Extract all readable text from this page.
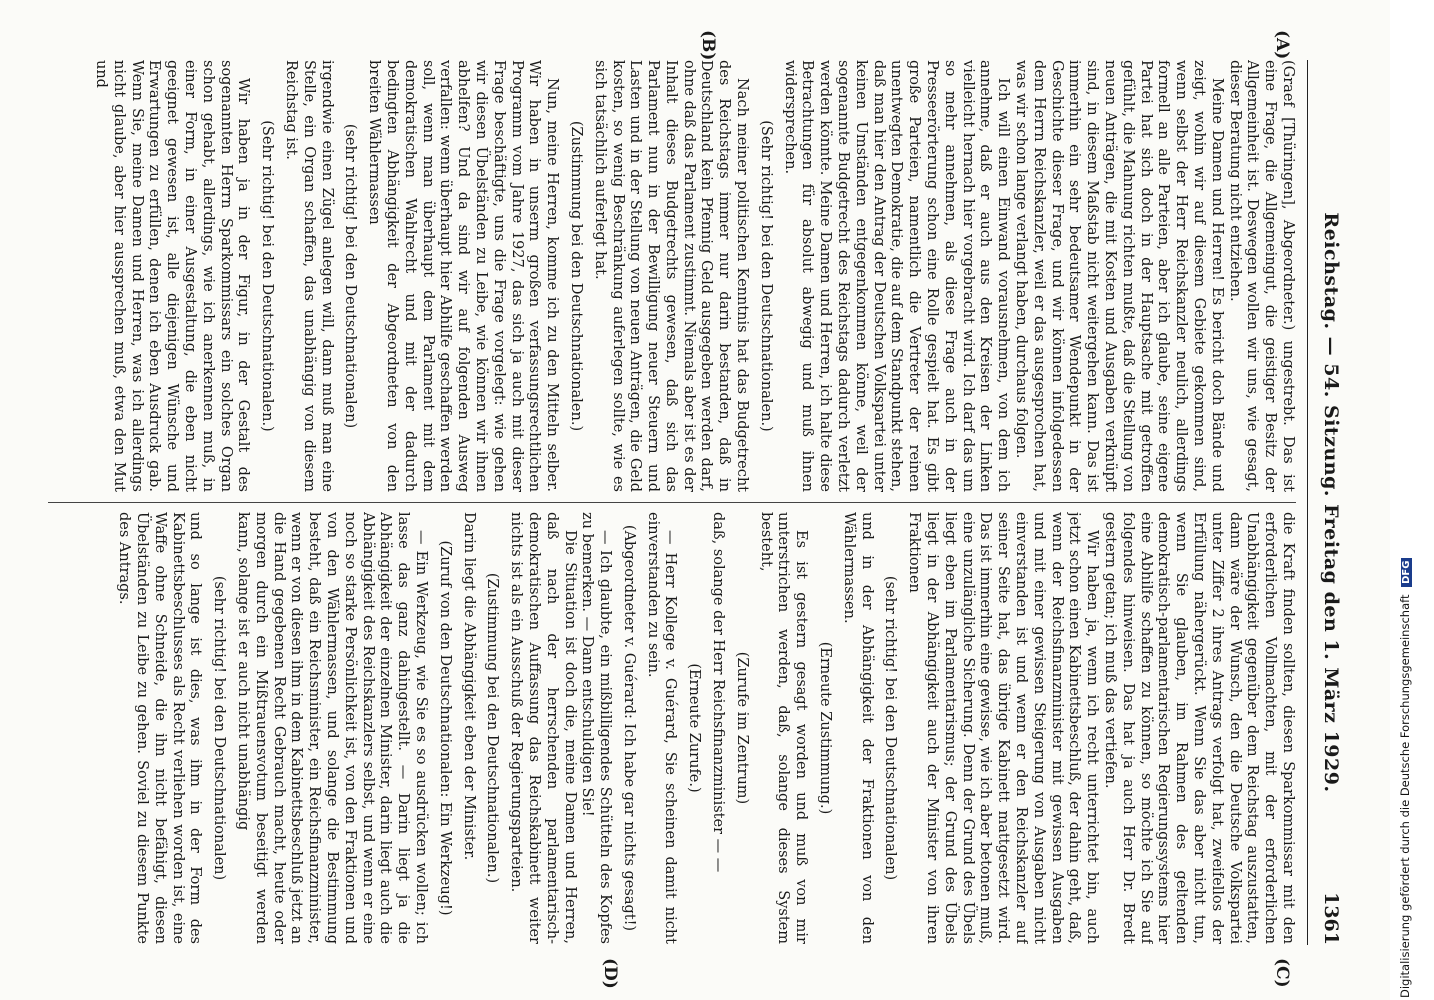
Reichstag. — 54. Sitzung. Freitag den 1. März 1929.
1361
(A)
(B)
(C)
(D)

(Graef [Thüringen], Abgeordneter.) ungestrebt. Das ist eine Frage, die Allgemeingut, die geistiger Besitz der Allgemeinheit ist. Deswegen wollen wir uns, wie gesagt, dieser Beratung nicht entziehen.

Meine Damen und Herren! Es bericht doch Bände und zeigt, wohin wir auf diesem Gebiete gekommen sind, wenn selbst der Herr Reichskanzler neulich, allerdings formell an alle Parteien, aber ich glaube, seine eigene Partei hat sich doch in der Hauptsache mit getroffen gefühlt, die Mahnung richten mußte, daß die Stellung von neuen Anträgen, die mit Kosten und Ausgaben verknüpft sind, in diesem Maßstab nicht weitergehen kann. Das ist immerhin ein sehr bedeutsamer Wendepunkt in der Geschichte dieser Frage, und wir können infolgedessen dem Herrn Reichskanzler, weil er das ausgesprochen hat, was wir schon lange verlangt haben, durchaus folgen.

Ich will einen Einwand vorausnehmen, von dem ich annehme, daß er auch aus den Kreisen der Linken vielleicht hernach hier vorgebracht wird. Ich darf das um so mehr annehmen, als diese Frage auch in der Presseerörterung schon eine Rolle gespielt hat. Es gibt große Parteien, namentlich die Vertreter der reinen unentwegten Demokratie, die auf dem Standpunkt stehen, daß man hier den Antrag der Deutschen Volkspartei unter keinen Umständen entgegenkommen könne, weil der sogenannte Budgetrecht des Reichstags dadurch verletzt werden könnte. Meine Damen und Herren, ich halte diese Betrachtungen für absolut abwegig und muß ihnen widersprechen.

(Sehr richtig! bei den Deutschnationalen.)

Nach meiner politischen Kenntnis hat das Budgetrecht des Reichstags immer nur darin bestanden, daß in Deutschland kein Pfennig Geld ausgegeben werden darf, ohne daß das Parlament zustimmt. Niemals aber ist es der Inhalt dieses Budgetrechts gewesen, daß sich das Parlament nun in der Bewilligung neuer Steuern und Lasten und in der Stellung von neuen Anträgen, die Geld kosten, so wenig Beschränkung auferlegen sollte, wie es sich tatsächlich auferlegt hat.

(Zustimmung bei den Deutschnationalen.)

Nun, meine Herren, komme ich zu den Mitteln selber. Wir haben in unserm großen verfassungsrechtlichen Programm vom Jahre 1927, das sich ja auch mit dieser Frage beschäftigte, uns die Frage vorgelegt: wie gehen wir diesen Übelständen zu Leibe, wie können wir ihnen abhelfen? Und da sind wir auf folgenden Ausweg verfallen: wenn überhaupt hier Abhilfe geschaffen werden soll, wenn man überhaupt dem Parlament mit dem demokratischen Wahlrecht und mit der dadurch bedingten Abhängigkeit der Abgeordneten von den breiten Wählermassen

(sehr richtig! bei den Deutschnationalen)

irgendwie einen Zügel anlegen will, dann muß man eine Stelle, ein Organ schaffen, das unabhängig von diesem Reichstag ist.

(Sehr richtig! bei den Deutschnationalen.)

Wir haben ja in der Figur, in der Gestalt des sogenannten Herrn Sparkommissars ein solches Organ schon gehabt, allerdings, wie ich anerkennen muß, in einer Form, in einer Ausgestaltung, die eben nicht geeignet gewesen ist, alle diejenigen Wünsche und Erwartungen zu erfüllen, denen ich eben Ausdruck gab. Wenn Sie, meine Damen und Herren, was ich allerdings nicht glaube, aber hier aussprechen muß, etwa den Mut und

die Kraft finden sollten, diesen Sparkommissar mit den erforderlichen Vollmachten, mit der erforderlichen Unabhängigkeit gegenüber dem Reichstag auszustatten, dann wäre der Wunsch, den die Deutsche Volkspartei unter Ziffer 2 ihres Antrags verfolgt hat, zweifellos der Erfüllung nähergerückt. Wenn Sie das aber nicht tun, wenn Sie glauben, im Rahmen des geltenden demokratisch-parlamentarischen Regierungssystems hier eine Abhilfe schaffen zu können, so möchte ich Sie auf folgendes hinweisen. Das hat ja auch Herr Dr. Bredt gestern getan; ich muß das vertiefen.

Wir haben ja, wenn ich recht unterrichtet bin, auch jetzt schon einen Kabinettsbeschluß, der dahin geht, daß, wenn der Reichsfinanzminister mit gewissen Ausgaben und mit einer gewissen Steigerung von Ausgaben nicht einverstanden ist und wenn er den Reichskanzler auf seiner Seite hat, das übrige Kabinett mattgesetzt wird. Das ist immerhin eine gewisse, wie ich aber betonen muß, eine unzulängliche Sicherung. Denn der Grund des Übels liegt eben im Parlamentarismus; der Grund des Übels liegt in der Abhängigkeit auch der Minister von ihren Fraktionen

(sehr richtig! bei den Deutschnationalen)

und in der Abhängigkeit der Fraktionen von den Wählermassen.

(Erneute Zustimmung.)

Es ist gestern gesagt worden und muß von mir unterstrichen werden, daß, solange dieses System besteht,

(Zurufe im Zentrum)

daß, solange der Herr Reichsfinanzminister — —

(Erneute Zurufe.)

— Herr Kollege v. Guérard, Sie scheinen damit nicht einverstanden zu sein.

(Abgeordneter v. Guérard: Ich habe gar nichts gesagt!)

— Ich glaubte, ein mißbilligendes Schütteln des Kopfes zu bemerken. — Dann entschuldigen Sie!

Die Situation ist doch die, meine Damen und Herren, daß nach der herrschenden parlamentarisch-demokratischen Auffassung das Reichskabinett weiter nichts ist als ein Ausschuß der Regierungsparteien.

(Zustimmung bei den Deutschnationalen.)

Darin liegt die Abhängigkeit eben der Minister.

(Zuruf von den Deutschnationalen: Ein Werkzeug!)

— Ein Werkzeug, wie Sie es so ausdrücken wollen; ich lasse das ganz dahingestellt. — Darin liegt ja die Abhängigkeit der einzelnen Minister, darin liegt auch die Abhängigkeit des Reichskanzlers selbst, und wenn er eine noch so starke Persönlichkeit ist, von den Fraktionen und von den Wählermassen, und solange die Bestimmung besteht, daß ein Reichsminister, ein Reichsfinanzminister, wenn er von diesen ihm in dem Kabinettsbeschluß jetzt an die Hand gegebenen Recht Gebrauch macht, heute oder morgen durch ein Mißtrauensvotum beseitigt werden kann, solange ist er auch nicht unabhängig

(sehr richtig! bei den Deutschnationalen)

und so lange ist dies, was ihm in der Form des Kabinettsbeschlusses als Recht verliehen worden ist, eine Waffe ohne Schneide, die ihn nicht befähigt, diesen Übelständen zu Leibe zu gehen. Soviel zu diesem Punkte des Antrags.

Digitalisierung gefördert durch die Deutsche Forschungsgemeinschaft DFG
